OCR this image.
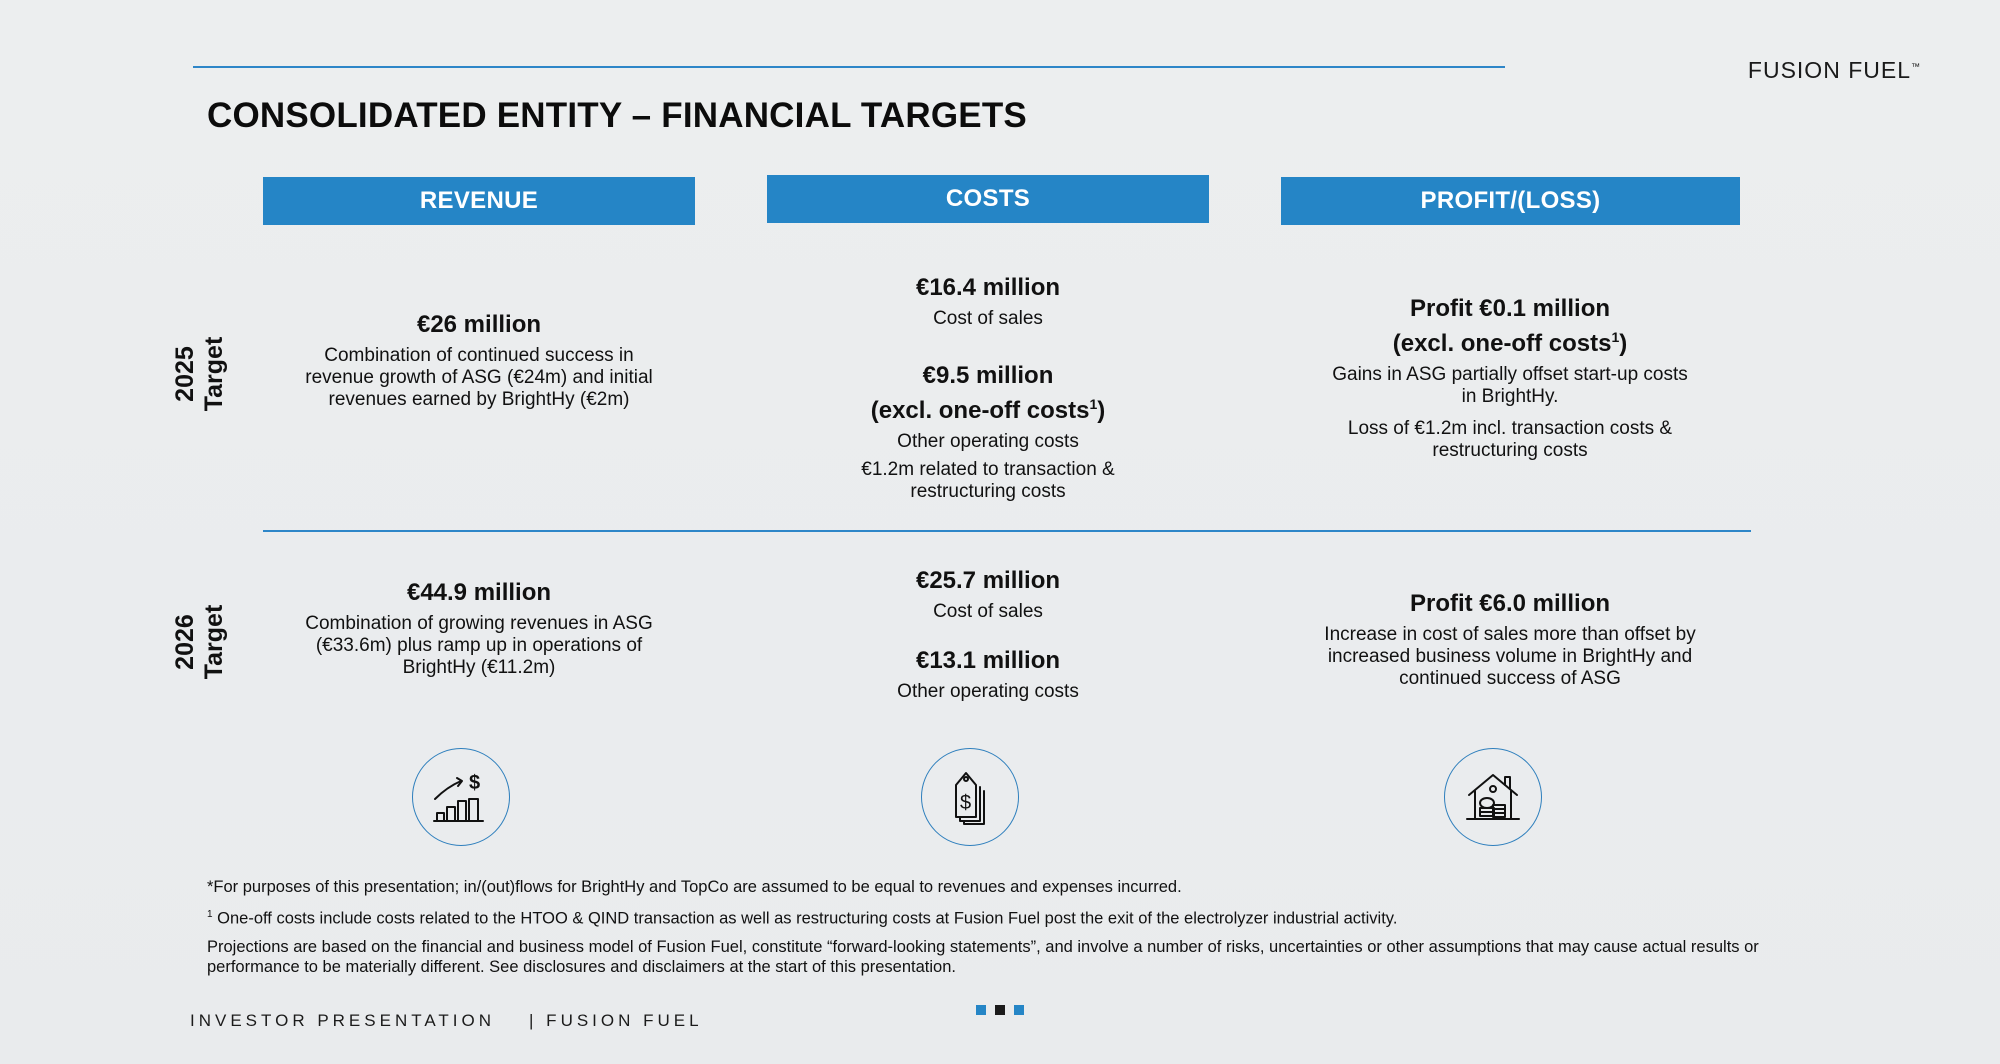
FUSION FUEL™
CONSOLIDATED ENTITY – FINANCIAL TARGETS
REVENUE	COSTS	PROFIT/(LOSS)
2025 Target
2026 Target
€26 million
Combination of continued success in revenue growth of ASG (€24m) and initial revenues earned by BrightHy (€2m)
€16.4 million
Cost of sales
€9.5 million
(excl. one-off costs$^1$)
Other operating costs
€1.2m related to transaction & restructuring costs
Profit €0.1 million
(excl. one-off costs$^1$)
Gains in ASG partially offset start-up costs in BrightHy.
Loss of €1.2m incl. transaction costs & restructuring costs
€44.9 million
Combination of growing revenues in ASG (€33.6m) plus ramp up in operations of BrightHy (€11.2m)
€25.7 million
Cost of sales
€13.1 million
Other operating costs
Profit €6.0 million
Increase in cost of sales more than offset by increased business volume in BrightHy and continued success of ASG
$
$

*For purposes of this presentation; in/(out)flows for BrightHy and TopCo are assumed to be equal to revenues and expenses incurred.

$^1$ One-off costs include costs related to the HTOO & QIND transaction as well as restructuring costs at Fusion Fuel post the exit of the electrolyzer industrial activity.

Projections are based on the financial and business model of Fusion Fuel, constitute “forward-looking statements”, and involve a number of risks, uncertainties or other assumptions that may cause actual results or performance to be materially different. See disclosures and disclaimers at the start of this presentation.

INVESTOR PRESENTATION | FUSION FUEL
